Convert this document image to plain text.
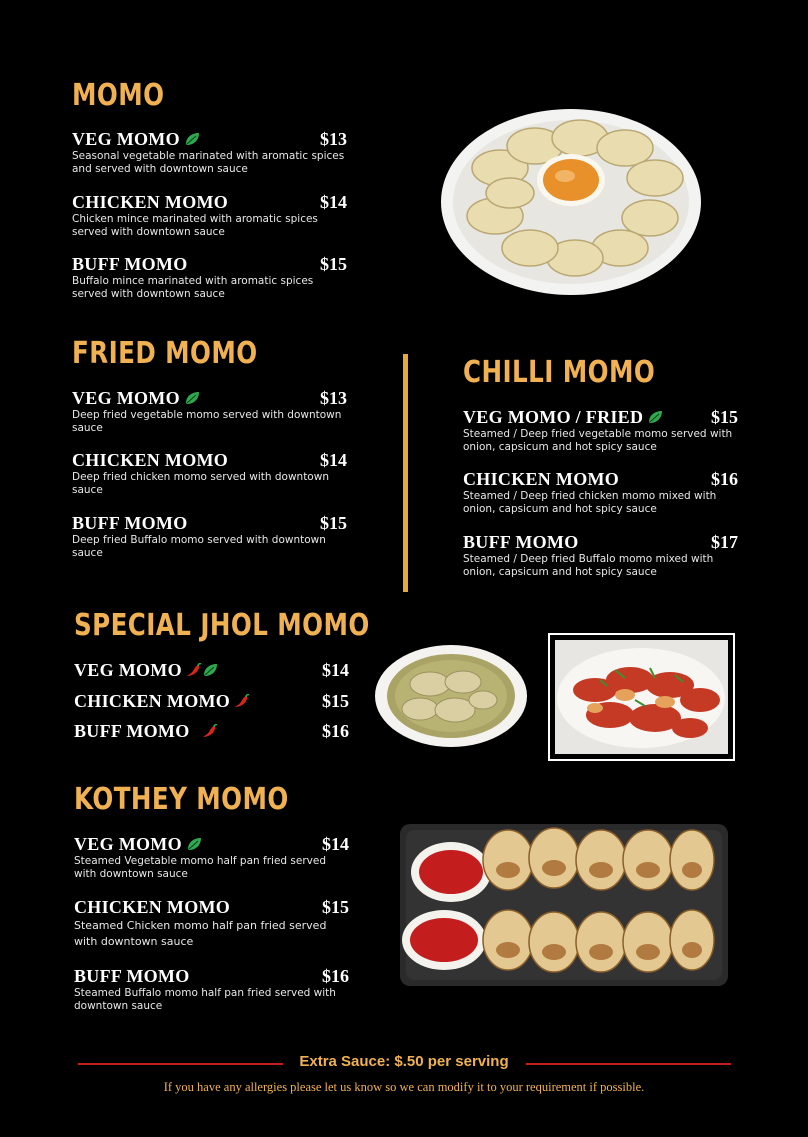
MOMO
VEG MOMO	$13
Seasonal vegetable marinated with aromatic spices and served with downtown sauce
CHICKEN MOMO	$14
Chicken mince marinated with aromatic spices served with downtown sauce
BUFF MOMO	$15
Buffalo mince marinated with aromatic spices served with downtown sauce
FRIED MOMO
VEG MOMO	$13
Deep fried vegetable momo served with downtown sauce
CHICKEN MOMO	$14
Deep fried chicken momo served with downtown sauce
BUFF MOMO	$15
Deep fried Buffalo momo served with downtown sauce
CHILLI MOMO
VEG MOMO / FRIED	$15
Steamed / Deep fried vegetable momo served with onion, capsicum and hot spicy sauce
CHICKEN MOMO	$16
Steamed / Deep fried chicken momo mixed with onion, capsicum and hot spicy sauce
BUFF MOMO	$17
Steamed / Deep fried Buffalo momo mixed with onion, capsicum and hot spicy sauce
SPECIAL JHOL MOMO
VEG MOMO	$14
CHICKEN MOMO	$15
BUFF MOMO	$16
KOTHEY MOMO
VEG MOMO	$14
Steamed Vegetable momo half pan fried served with downtown sauce
CHICKEN MOMO	$15
Steamed Chicken momo half pan fried served with downtown sauce
BUFF MOMO	$16
Steamed Buffalo momo half pan fried served with downtown sauce
Extra Sauce: $.50 per serving
If you have any allergies please let us know so we can modify it to your requirement if possible.
